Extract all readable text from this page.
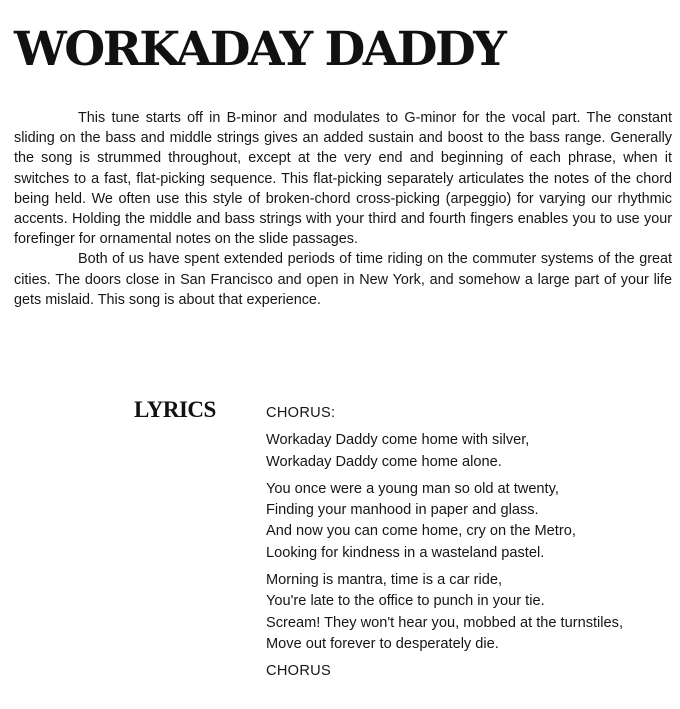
WORKADAY DADDY

This tune starts off in B-minor and modulates to G-minor for the vocal part. The constant sliding on the bass and middle strings gives an added sustain and boost to the bass range. Generally the song is strummed throughout, except at the very end and beginning of each phrase, when it switches to a fast, flat-picking sequence. This flat-picking separately articulates the notes of the chord being held. We often use this style of broken-chord cross-picking (arpeggio) for varying our rhythmic accents. Holding the middle and bass strings with your third and fourth fingers enables you to use your forefinger for ornamental notes on the slide passages.

Both of us have spent extended periods of time riding on the commuter systems of the great cities. The doors close in San Francisco and open in New York, and somehow a large part of your life gets mislaid. This song is about that experience.

LYRICS	CHORUS:

Workaday Daddy come home with silver,
Workaday Daddy come home alone.
You once were a young man so old at twenty,
Finding your manhood in paper and glass.
And now you can come home, cry on the Metro,
Looking for kindness in a wasteland pastel.
Morning is mantra, time is a car ride,
You're late to the office to punch in your tie.
Scream! They won't hear you, mobbed at the turnstiles,
Move out forever to desperately die.

CHORUS
